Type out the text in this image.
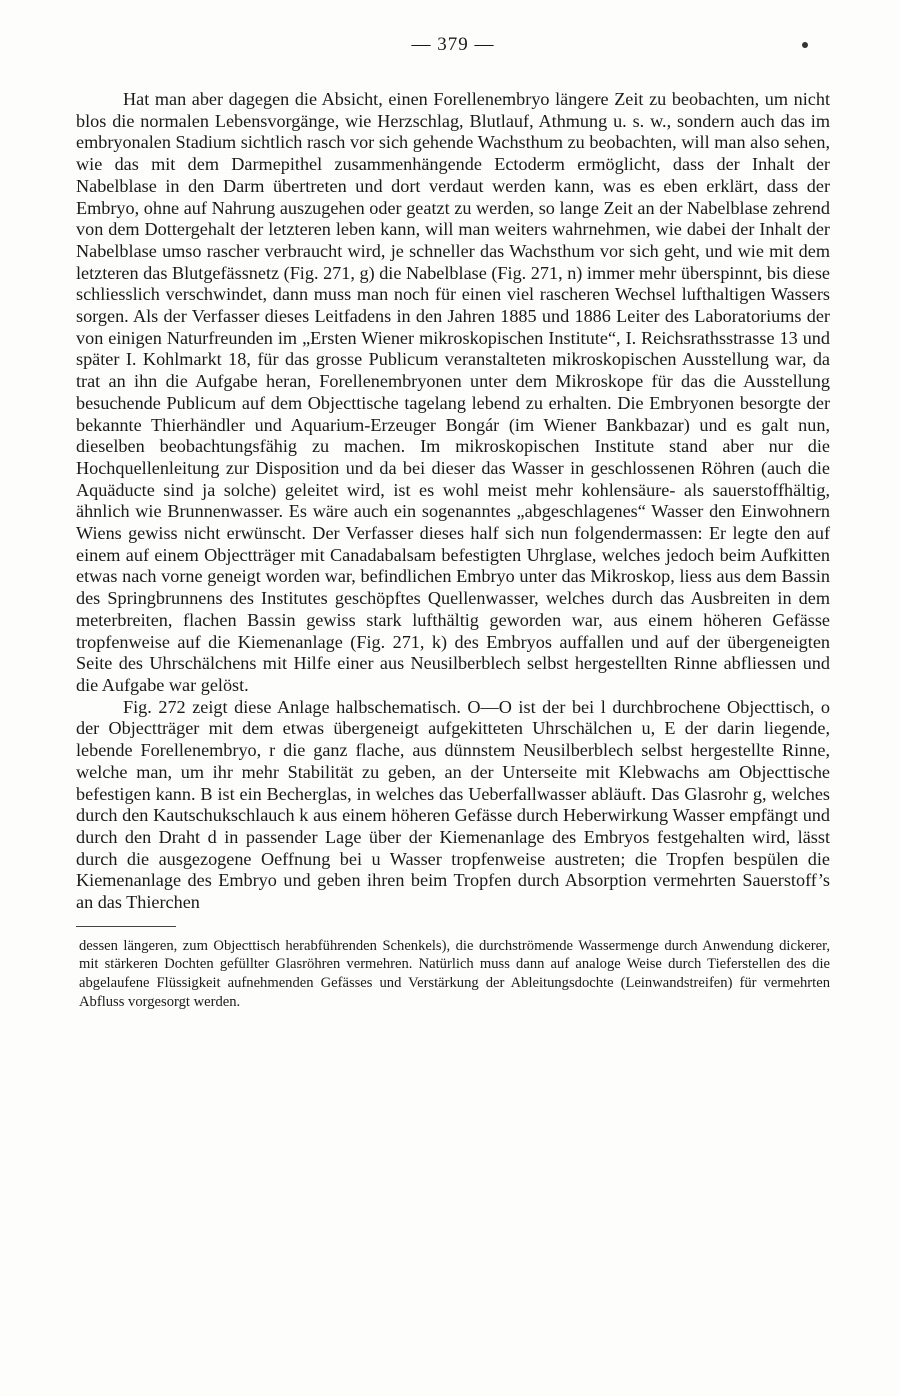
— 379 —

Hat man aber dagegen die Absicht, einen Forellenembryo längere Zeit zu beobachten, um nicht blos die normalen Lebensvorgänge, wie Herzschlag, Blutlauf, Athmung u. s. w., sondern auch das im embryonalen Stadium sichtlich rasch vor sich gehende Wachsthum zu beobachten, will man also sehen, wie das mit dem Darmepithel zusammenhängende Ectoderm ermöglicht, dass der Inhalt der Nabelblase in den Darm übertreten und dort verdaut werden kann, was es eben erklärt, dass der Embryo, ohne auf Nahrung auszugehen oder geatzt zu werden, so lange Zeit an der Nabelblase zehrend von dem Dottergehalt der letzteren leben kann, will man weiters wahrnehmen, wie dabei der Inhalt der Nabelblase umso rascher verbraucht wird, je schneller das Wachsthum vor sich geht, und wie mit dem letzteren das Blutgefässnetz (Fig. 271, g) die Nabelblase (Fig. 271, n) immer mehr überspinnt, bis diese schliesslich verschwindet, dann muss man noch für einen viel rascheren Wechsel lufthaltigen Wassers sorgen. Als der Verfasser dieses Leitfadens in den Jahren 1885 und 1886 Leiter des Laboratoriums der von einigen Naturfreunden im „Ersten Wiener mikroskopischen Institute“, I. Reichsrathsstrasse 13 und später I. Kohlmarkt 18, für das grosse Publicum veranstalteten mikroskopischen Ausstellung war, da trat an ihn die Aufgabe heran, Forellenembryonen unter dem Mikroskope für das die Ausstellung besuchende Publicum auf dem Objecttische tagelang lebend zu erhalten. Die Embryonen besorgte der bekannte Thierhändler und Aquarium-Erzeuger Bongár (im Wiener Bankbazar) und es galt nun, dieselben beobachtungsfähig zu machen. Im mikroskopischen Institute stand aber nur die Hochquellenleitung zur Disposition und da bei dieser das Wasser in geschlossenen Röhren (auch die Aquäducte sind ja solche) geleitet wird, ist es wohl meist mehr kohlensäure- als sauerstoffhältig, ähnlich wie Brunnenwasser. Es wäre auch ein sogenanntes „abgeschlagenes“ Wasser den Einwohnern Wiens gewiss nicht erwünscht. Der Verfasser dieses half sich nun folgendermassen: Er legte den auf einem auf einem Objectträger mit Canadabalsam befestigten Uhrglase, welches jedoch beim Aufkitten etwas nach vorne geneigt worden war, befindlichen Embryo unter das Mikroskop, liess aus dem Bassin des Springbrunnens des Institutes geschöpftes Quellenwasser, welches durch das Ausbreiten in dem meterbreiten, flachen Bassin gewiss stark lufthältig geworden war, aus einem höheren Gefässe tropfenweise auf die Kiemenanlage (Fig. 271, k) des Embryos auffallen und auf der übergeneigten Seite des Uhrschälchens mit Hilfe einer aus Neusilberblech selbst hergestellten Rinne abfliessen und die Aufgabe war gelöst.

Fig. 272 zeigt diese Anlage halbschematisch. O—O ist der bei l durchbrochene Objecttisch, o der Objectträger mit dem etwas übergeneigt aufgekitteten Uhrschälchen u, E der darin liegende, lebende Forellenembryo, r die ganz flache, aus dünnstem Neusilberblech selbst hergestellte Rinne, welche man, um ihr mehr Stabilität zu geben, an der Unterseite mit Klebwachs am Objecttische befestigen kann. B ist ein Becherglas, in welches das Ueberfallwasser abläuft. Das Glasrohr g, welches durch den Kautschukschlauch k aus einem höheren Gefässe durch Heberwirkung Wasser empfängt und durch den Draht d in passender Lage über der Kiemenanlage des Embryos festgehalten wird, lässt durch die ausgezogene Oeffnung bei u Wasser tropfenweise austreten; die Tropfen bespülen die Kiemenanlage des Embryo und geben ihren beim Tropfen durch Absorption vermehrten Sauerstoff’s an das Thierchen

dessen längeren, zum Objecttisch herabführenden Schenkels), die durchströmende Wassermenge durch Anwendung dickerer, mit stärkeren Dochten gefüllter Glasröhren vermehren. Natürlich muss dann auf analoge Weise durch Tieferstellen des die abgelaufene Flüssigkeit aufnehmenden Gefässes und Verstärkung der Ableitungsdochte (Leinwandstreifen) für vermehrten Abfluss vorgesorgt werden.
